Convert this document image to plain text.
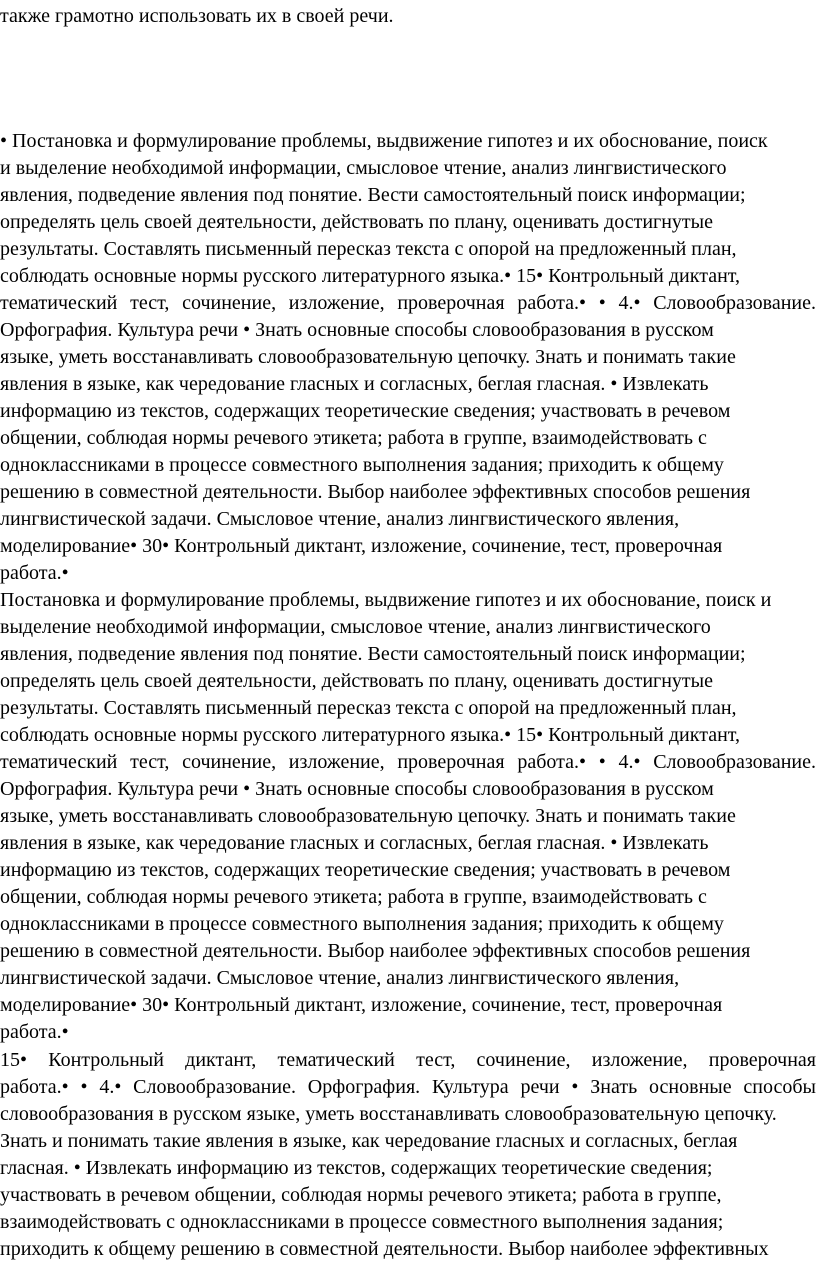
также грамотно использовать их в своей речи.
• Постановка и формулирование проблемы, выдвижение гипотез и их обоснование, поиск
и выделение необходимой информации, смысловое чтение, анализ лингвистического
явления, подведение явления под понятие. Вести самостоятельный поиск информации;
определять цель своей деятельности, действовать по плану, оценивать достигнутые
результаты. Составлять письменный пересказ текста с опорой на предложенный план,
соблюдать основные нормы русского литературного языка.• 15• Контрольный диктант,
тематический тест, сочинение, изложение, проверочная работа.• • 4.• Словообразование.
Орфография. Культура речи • Знать основные способы словообразования в русском
языке, уметь восстанавливать словообразовательную цепочку. Знать и понимать такие
явления в языке, как чередование гласных и согласных, беглая гласная. • Извлекать
информацию из текстов, содержащих теоретические сведения; участвовать в речевом
общении, соблюдая нормы речевого этикета; работа в группе, взаимодействовать с
одноклассниками в процессе совместного выполнения задания; приходить к общему
решению в совместной деятельности. Выбор наиболее эффективных способов решения
лингвистической задачи. Смысловое чтение, анализ лингвистического явления,
моделирование• 30• Контрольный диктант, изложение, сочинение, тест, проверочная
работа.•
Постановка и формулирование проблемы, выдвижение гипотез и их обоснование, поиск и
выделение необходимой информации, смысловое чтение, анализ лингвистического
явления, подведение явления под понятие. Вести самостоятельный поиск информации;
определять цель своей деятельности, действовать по плану, оценивать достигнутые
результаты. Составлять письменный пересказ текста с опорой на предложенный план,
соблюдать основные нормы русского литературного языка.• 15• Контрольный диктант,
тематический тест, сочинение, изложение, проверочная работа.• • 4.• Словообразование.
Орфография. Культура речи • Знать основные способы словообразования в русском
языке, уметь восстанавливать словообразовательную цепочку. Знать и понимать такие
явления в языке, как чередование гласных и согласных, беглая гласная. • Извлекать
информацию из текстов, содержащих теоретические сведения; участвовать в речевом
общении, соблюдая нормы речевого этикета; работа в группе, взаимодействовать с
одноклассниками в процессе совместного выполнения задания; приходить к общему
решению в совместной деятельности. Выбор наиболее эффективных способов решения
лингвистической задачи. Смысловое чтение, анализ лингвистического явления,
моделирование• 30• Контрольный диктант, изложение, сочинение, тест, проверочная
работа.•
15• Контрольный диктант, тематический тест, сочинение, изложение, проверочная
работа.• • 4.• Словообразование. Орфография. Культура речи • Знать основные способы
словообразования в русском языке, уметь восстанавливать словообразовательную цепочку.
Знать и понимать такие явления в языке, как чередование гласных и согласных, беглая
гласная. • Извлекать информацию из текстов, содержащих теоретические сведения;
участвовать в речевом общении, соблюдая нормы речевого этикета; работа в группе,
взаимодействовать с одноклассниками в процессе совместного выполнения задания;
приходить к общему решению в совместной деятельности. Выбор наиболее эффективных
